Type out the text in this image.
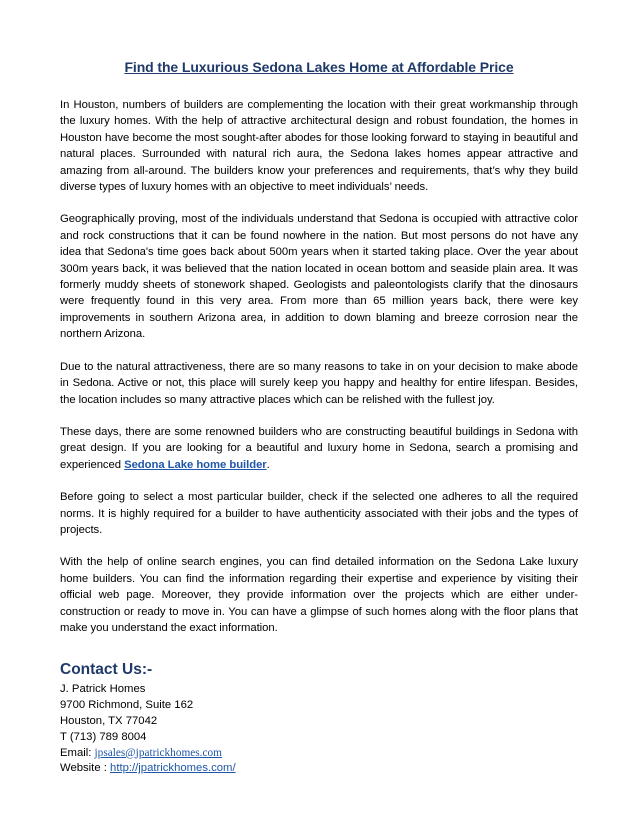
Find the Luxurious Sedona Lakes Home at Affordable Price

In Houston, numbers of builders are complementing the location with their great workmanship through the luxury homes. With the help of attractive architectural design and robust foundation, the homes in Houston have become the most sought-after abodes for those looking forward to staying in beautiful and natural places. Surrounded with natural rich aura, the Sedona lakes homes appear attractive and amazing from all-around. The builders know your preferences and requirements, that’s why they build diverse types of luxury homes with an objective to meet individuals’ needs.

Geographically proving, most of the individuals understand that Sedona is occupied with attractive color and rock constructions that it can be found nowhere in the nation. But most persons do not have any idea that Sedona's time goes back about 500m years when it started taking place. Over the year about 300m years back, it was believed that the nation located in ocean bottom and seaside plain area. It was formerly muddy sheets of stonework shaped. Geologists and paleontologists clarify that the dinosaurs were frequently found in this very area. From more than 65 million years back, there were key improvements in southern Arizona area, in addition to down blaming and breeze corrosion near the northern Arizona.

Due to the natural attractiveness, there are so many reasons to take in on your decision to make abode in Sedona. Active or not, this place will surely keep you happy and healthy for entire lifespan. Besides, the location includes so many attractive places which can be relished with the fullest joy.

These days, there are some renowned builders who are constructing beautiful buildings in Sedona with great design. If you are looking for a beautiful and luxury home in Sedona, search a promising and experienced Sedona Lake home builder.

Before going to select a most particular builder, check if the selected one adheres to all the required norms. It is highly required for a builder to have authenticity associated with their jobs and the types of projects.

With the help of online search engines, you can find detailed information on the Sedona Lake luxury home builders. You can find the information regarding their expertise and experience by visiting their official web page. Moreover, they provide information over the projects which are either under-construction or ready to move in. You can have a glimpse of such homes along with the floor plans that make you understand the exact information.

Contact Us:-
J. Patrick Homes
9700 Richmond, Suite 162
Houston, TX 77042
T (713) 789 8004
Email: jpsales@jpatrickhomes.com
Website : http://jpatrickhomes.com/
